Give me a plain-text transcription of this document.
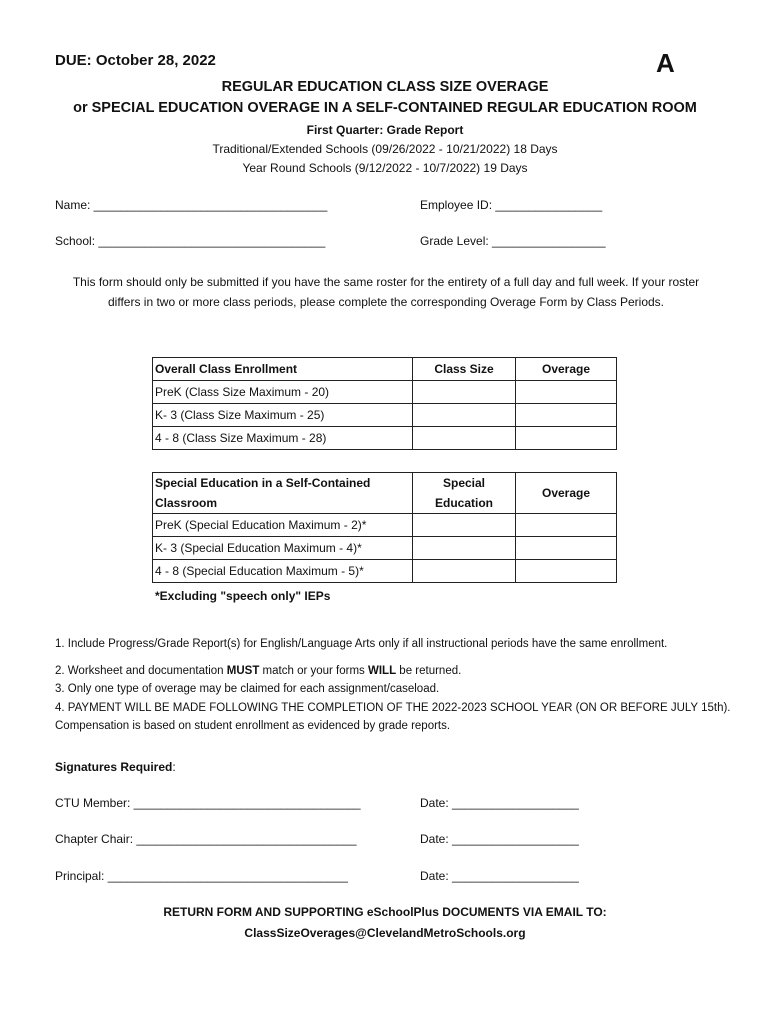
DUE: October 28, 2022	A
REGULAR EDUCATION CLASS SIZE OVERAGE
or SPECIAL EDUCATION OVERAGE IN A SELF-CONTAINED REGULAR EDUCATION ROOM
First Quarter: Grade Report
Traditional/Extended Schools (09/26/2022 - 10/21/2022) 18 Days
Year Round Schools (9/12/2022 - 10/7/2022) 19 Days
Name: ___________________________________	Employee ID: ________________
School: __________________________________	Grade Level: _________________
This form should only be submitted if you have the same roster for the entirety of a full day and full week. If your roster differs in two or more class periods, please complete the corresponding Overage Form by Class Periods.
Overall Class Enrollment	Class Size	Overage
PreK (Class Size Maximum - 20)		
K- 3 (Class Size Maximum - 25)		
4 - 8 (Class Size Maximum - 28)		
Special Education in a Self-Contained Classroom	Special Education	Overage
PreK (Special Education Maximum - 2)*		
K- 3 (Special Education Maximum - 4)*		
4 - 8 (Special Education Maximum - 5)*		
*Excluding "speech only" IEPs
1. Include Progress/Grade Report(s) for English/Language Arts only if all instructional periods have the same enrollment.
2. Worksheet and documentation MUST match or your forms WILL be returned.
3. Only one type of overage may be claimed for each assignment/caseload.
4. PAYMENT WILL BE MADE FOLLOWING THE COMPLETION OF THE 2022-2023 SCHOOL YEAR (ON OR BEFORE JULY 15th).
Compensation is based on student enrollment as evidenced by grade reports.
Signatures Required:
CTU Member: __________________________________	Date: ___________________
Chapter Chair: _________________________________	Date: ___________________
Principal: ____________________________________	Date: ___________________
RETURN FORM AND SUPPORTING eSchoolPlus DOCUMENTS VIA EMAIL TO:
ClassSizeOverages@ClevelandMetroSchools.org
